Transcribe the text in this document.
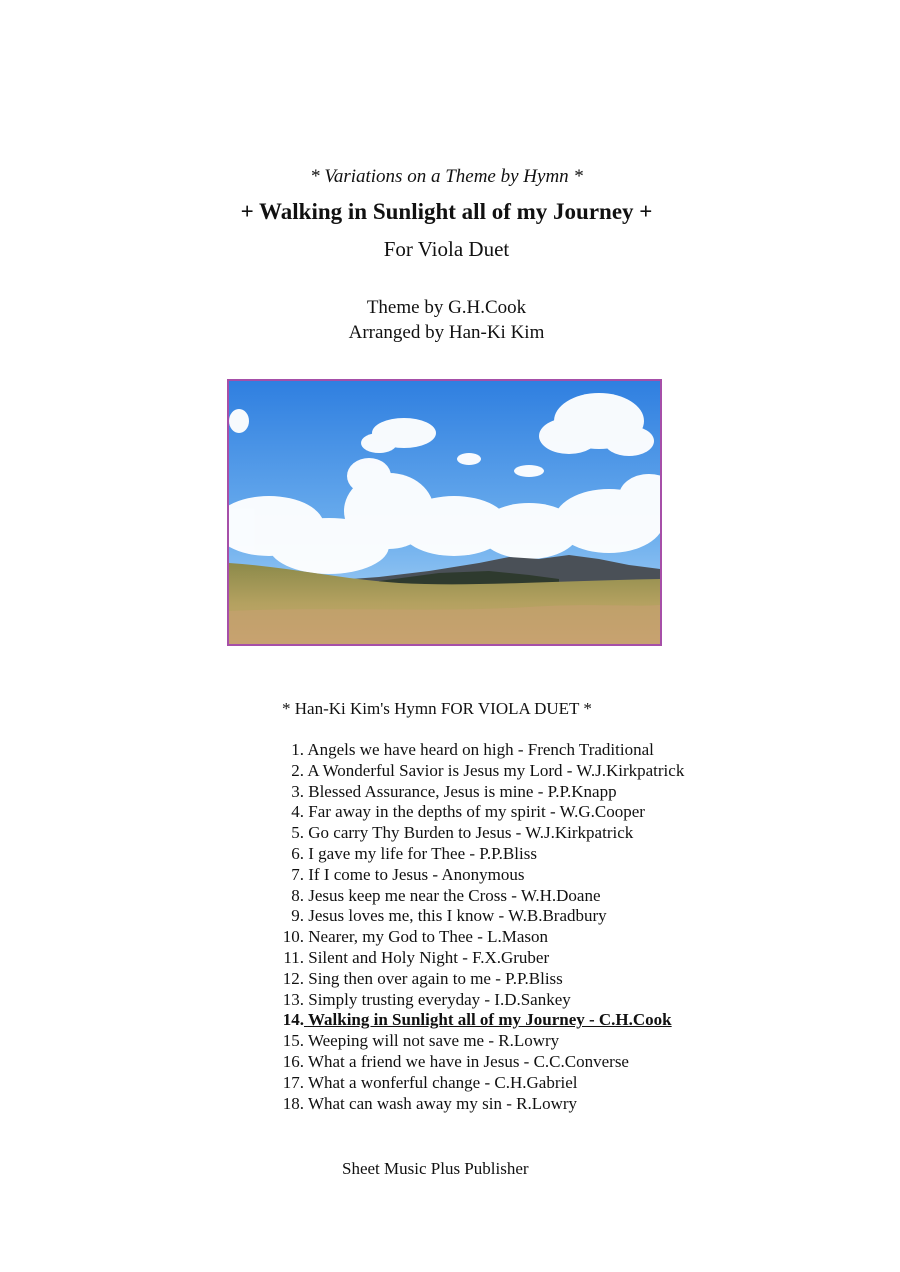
* Variations on a Theme by Hymn *
+ Walking in Sunlight all of my Journey +
For Viola Duet
Theme by G.H.Cook
Arranged by Han-Ki Kim
* Han-Ki Kim's Hymn FOR VIOLA DUET *
1. Angels we have heard on high - French Traditional
2. A Wonderful Savior is Jesus my Lord - W.J.Kirkpatrick
3. Blessed Assurance, Jesus is mine - P.P.Knapp
4. Far away in the depths of my spirit - W.G.Cooper
5. Go carry Thy Burden to Jesus - W.J.Kirkpatrick
6. I gave my life for Thee - P.P.Bliss
7. If I come to Jesus - Anonymous
8. Jesus keep me near the Cross - W.H.Doane
9. Jesus loves me, this I know - W.B.Bradbury
10. Nearer, my God to Thee - L.Mason
11. Silent and Holy Night - F.X.Gruber
12. Sing then over again to me - P.P.Bliss
13. Simply trusting everyday - I.D.Sankey
14. Walking in Sunlight all of my Journey - C.H.Cook
15. Weeping will not save me - R.Lowry
16. What a friend we have in Jesus - C.C.Converse
17. What a wonferful change - C.H.Gabriel
18. What can wash away my sin - R.Lowry
Sheet Music Plus Publisher
